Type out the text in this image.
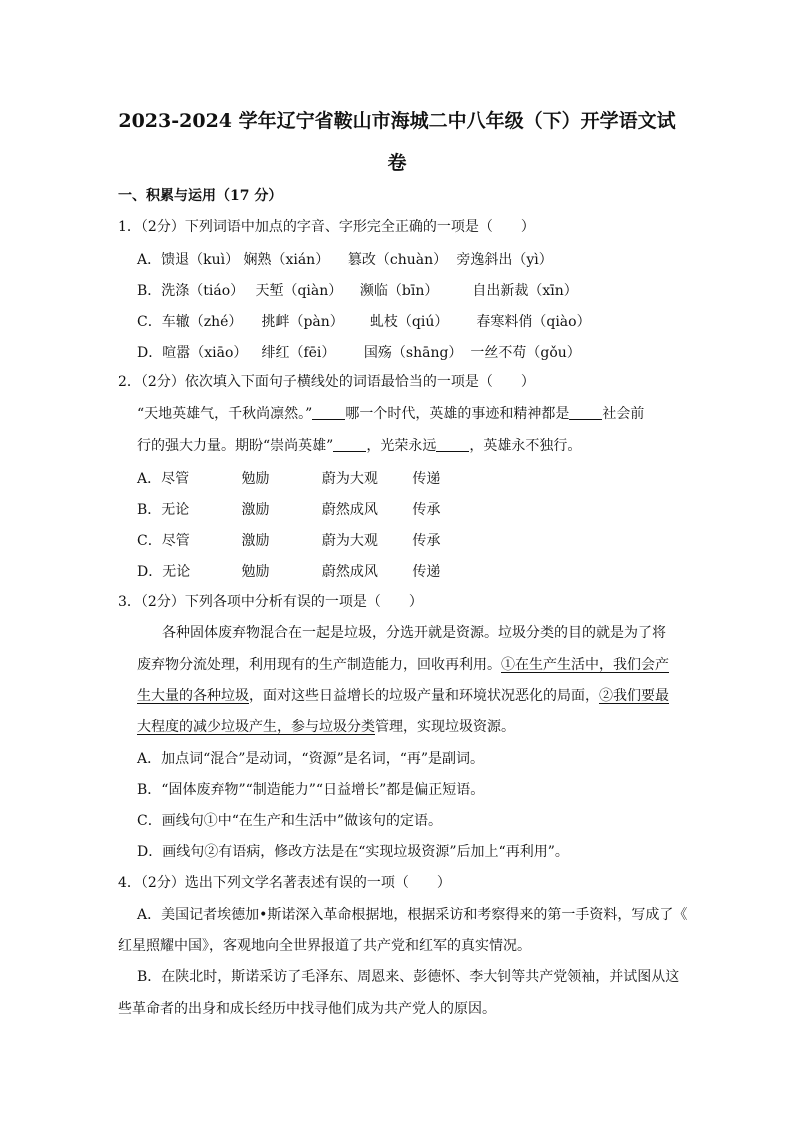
2023-2024 学年辽宁省鞍山市海城二中八年级（下）开学语文试
卷
一、积累与运用（17 分）
1．（2分）下列词语中加点的字音、字形完全正确的一项是（　　）
A．馈退（kuì） 娴熟（xián） 篡改（chuàn） 旁逸斜出（yì）
B．洗涤（tiáo） 天堑（qiàn） 濒临（bīn） 自出新裁（xīn）
C．车辙（zhé） 挑衅（pàn） 虬枝（qiú） 春寒料俏（qiào）
D．喧嚣（xiāo） 绯红（fēi） 国殇（shāng） 一丝不苟（gǒu）
2．（2分）依次填入下面句子横线处的词语最恰当的一项是（　　）
“天地英雄气，千秋尚凛然。” 哪一个时代，英雄的事迹和精神都是 社会前
行的强大力量。期盼“崇尚英雄” ，光荣永远 ，英雄永不独行。
A．尽管	勉励	蔚为大观 传递
B．无论	激励	蔚然成风 传承
C．尽管	激励	蔚为大观 传承
D．无论	勉励	蔚然成风 传递
3．（2分）下列各项中分析有误的一项是（　　）
各种固体废弃物混合在一起是垃圾，分选开就是资源。垃圾分类的目的就是为了将
废弃物分流处理，利用现有的生产制造能力，回收再利用。①在生产生活中，我们会产
生大量的各种垃圾，面对这些日益增长的垃圾产量和环境状况恶化的局面，②我们要最
大程度的减少垃圾产生，参与垃圾分类管理，实现垃圾资源。
A．加点词“混合”是动词，“资源”是名词，“再”是副词。
B．“固体废弃物”“制造能力”“日益增长”都是偏正短语。
C．画线句①中“在生产和生活中”做该句的定语。
D．画线句②有语病，修改方法是在“实现垃圾资源”后加上“再利用”。
4．（2分）选出下列文学名著表述有误的一项（　　）
A．美国记者埃德加•斯诺深入革命根据地，根据采访和考察得来的第一手资料，写成了《
红星照耀中国》，客观地向全世界报道了共产党和红军的真实情况。
B．在陕北时，斯诺采访了毛泽东、周恩来、彭德怀、李大钊等共产党领袖，并试图从这
些革命者的出身和成长经历中找寻他们成为共产党人的原因。
